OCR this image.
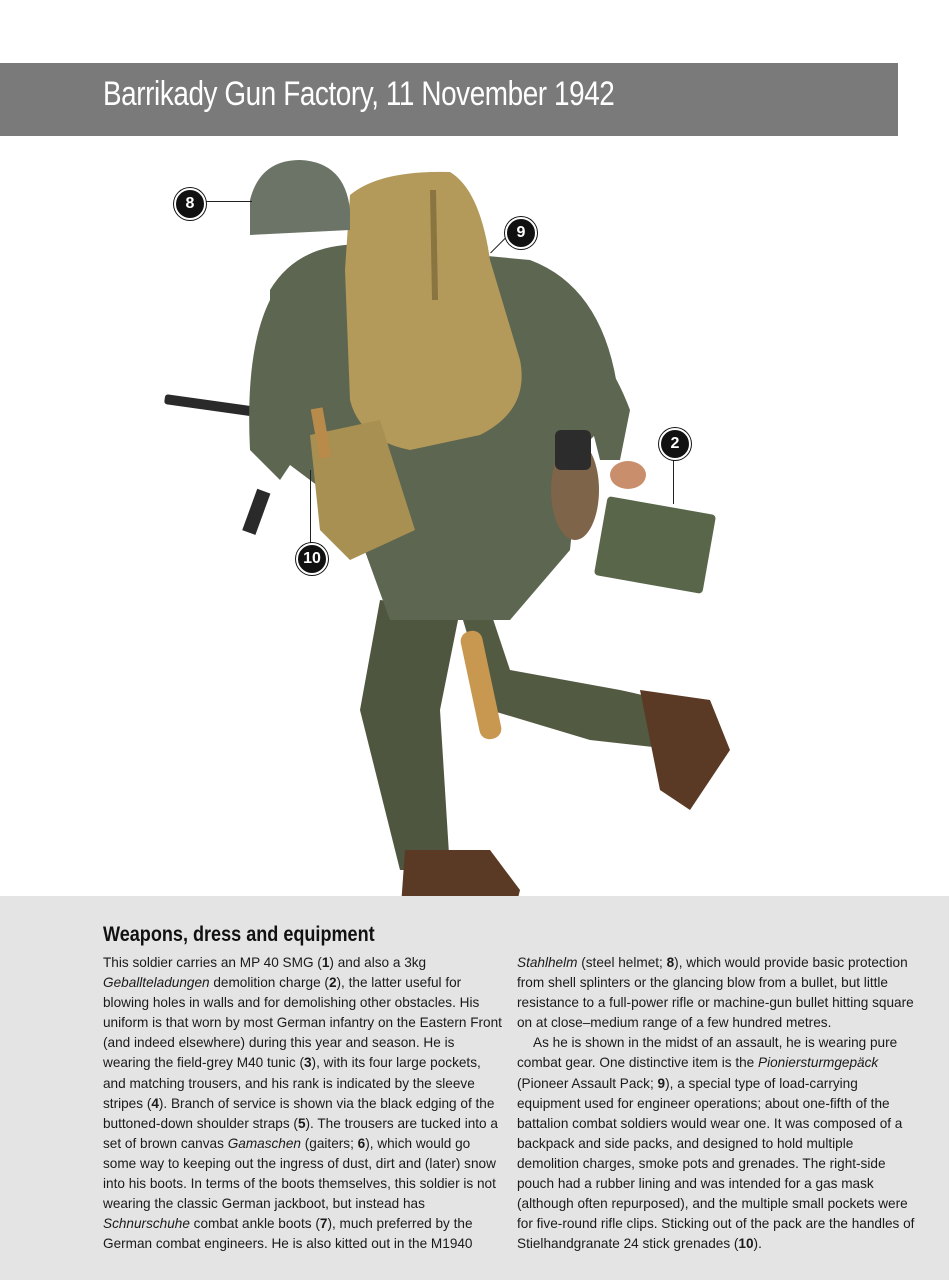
Barrikady Gun Factory, 11 November 1942
8
9
2
10
Weapons, dress and equipment

This soldier carries an MP 40 SMG (1) and also a 3kg Geballteladungen demolition charge (2), the latter useful for blowing holes in walls and for demolishing other obstacles. His uniform is that worn by most German infantry on the Eastern Front (and indeed elsewhere) during this year and season. He is wearing the field-grey M40 tunic (3), with its four large pockets, and matching trousers, and his rank is indicated by the sleeve stripes (4). Branch of service is shown via the black edging of the buttoned-down shoulder straps (5). The trousers are tucked into a set of brown canvas Gamaschen (gaiters; 6), which would go some way to keeping out the ingress of dust, dirt and (later) snow into his boots. In terms of the boots themselves, this soldier is not wearing the classic German jackboot, but instead has Schnurschuhe combat ankle boots (7), much preferred by the German combat engineers. He is also kitted out in the M1940

Stahlhelm (steel helmet; 8), which would provide basic protection from shell splinters or the glancing blow from a bullet, but little resistance to a full-power rifle or machine-gun bullet hitting square on at close–medium range of a few hundred metres.

As he is shown in the midst of an assault, he is wearing pure combat gear. One distinctive item is the Pioniersturmgepäck (Pioneer Assault Pack; 9), a special type of load-carrying equipment used for engineer operations; about one-fifth of the battalion combat soldiers would wear one. It was composed of a backpack and side packs, and designed to hold multiple demolition charges, smoke pots and grenades. The right-side pouch had a rubber lining and was intended for a gas mask (although often repurposed), and the multiple small pockets were for five-round rifle clips. Sticking out of the pack are the handles of Stielhandgranate 24 stick grenades (10).
